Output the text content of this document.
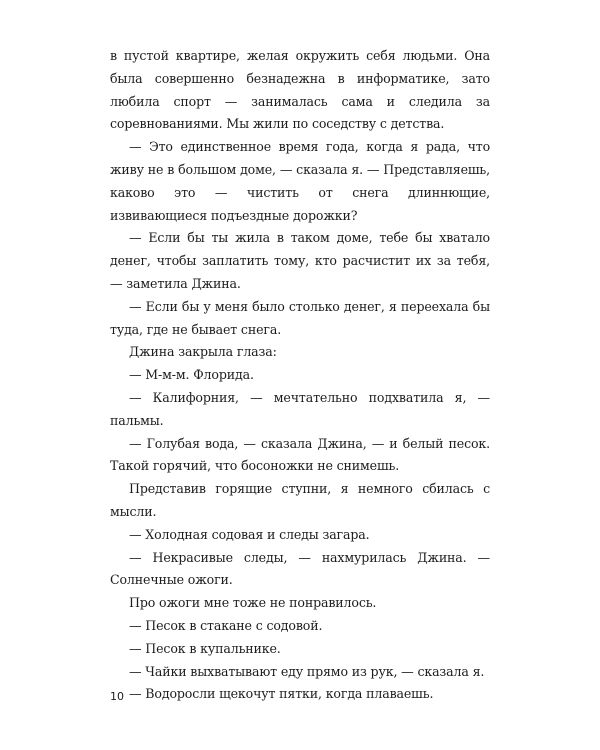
в пустой квартире, желая окружить себя людьми. Она была совершенно безнадежна в информатике, зато любила спорт — занималась сама и следила за соревнованиями. Мы жили по соседству с детства.

— Это единственное время года, когда я рада, что живу не в большом доме, — сказала я. — Представляешь, каково это — чистить от снега длиннющие, извивающиеся подъездные дорожки?

— Если бы ты жила в таком доме, тебе бы хватало денег, чтобы заплатить тому, кто расчистит их за тебя, — заметила Джина.

— Если бы у меня было столько денег, я переехала бы туда, где не бывает снега.

Джина закрыла глаза:

— М-м-м. Флорида.

— Калифорния, — мечтательно подхватила я, — пальмы.

— Голубая вода, — сказала Джина, — и белый песок. Такой горячий, что босоножки не снимешь.

Представив горящие ступни, я немного сбилась с мысли.

— Холодная содовая и следы загара.

— Некрасивые следы, — нахмурилась Джина. — Солнечные ожоги.

Про ожоги мне тоже не понравилось.

— Песок в стакане с содовой.

— Песок в купальнике.

— Чайки выхватывают еду прямо из рук, — сказала я.

— Водоросли щекочут пятки, когда плаваешь.

10
